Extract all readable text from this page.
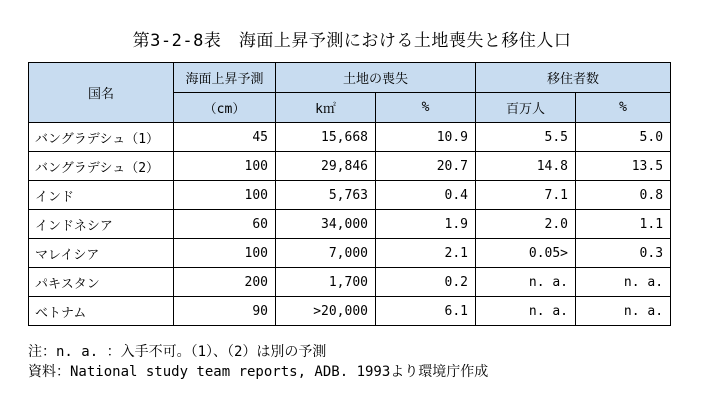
第3-2-8表　海面上昇予測における土地喪失と移住人口
国名	海面上昇予測	土地の喪失		移住者数	
	（cm）	k㎡	%	百万人	%
バングラデシュ（1）	45	15,668	10.9	5.5	5.0
バングラデシュ（2）	100	29,846	20.7	14.8	13.5
インド	100	5,763	0.4	7.1	0.8
インドネシア	60	34,000	1.9	2.0	1.1
マレイシア	100	7,000	2.1	0.05>	0.3
パキスタン	200	1,700	0.2	n. a.	n. a.
ベトナム	90	>20,000	6.1	n. a.	n. a.
注：n. a. ：入手不可。（1）、（2）は別の予測
資料：National study team reports, ADB. 1993より環境庁作成
